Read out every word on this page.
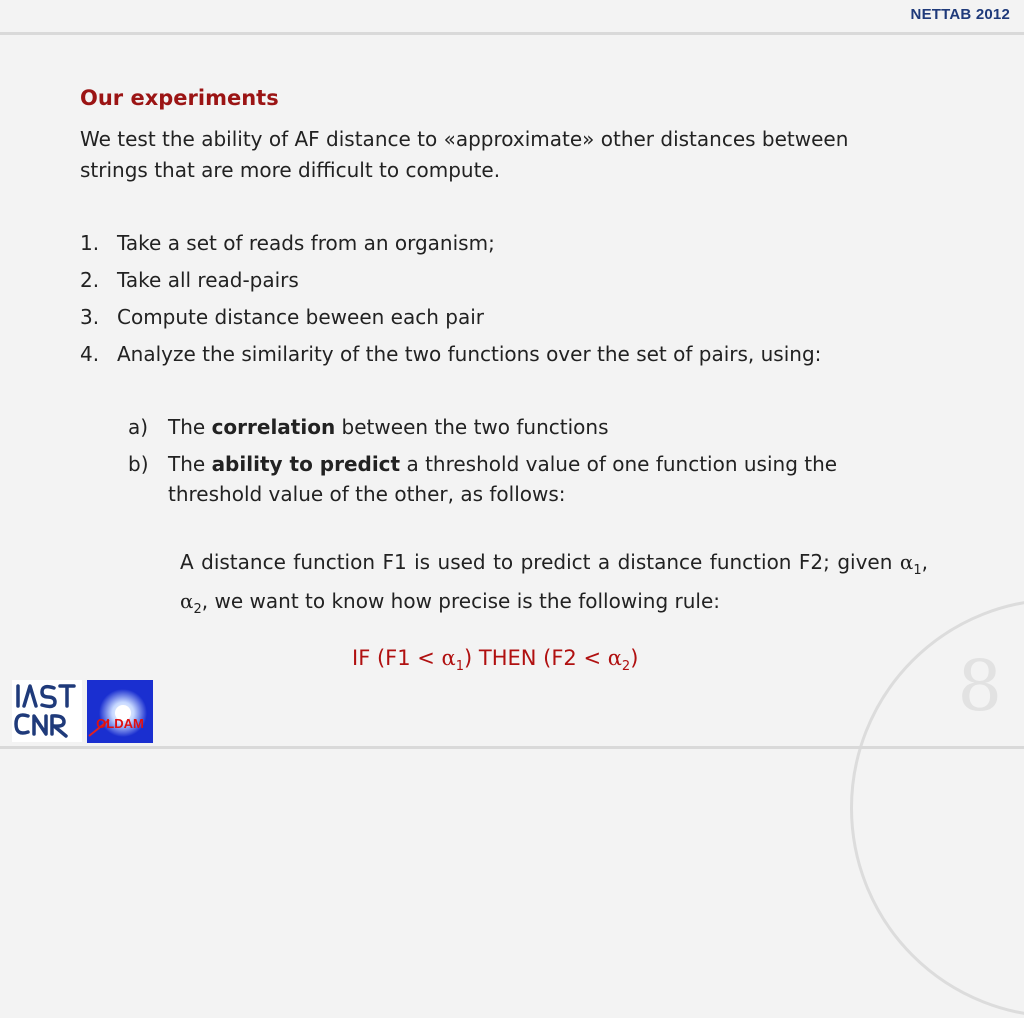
NETTAB 2012
8
Our experiments
We test the ability of AF distance to «approximate» other distances between strings that are more difficult to compute.
1. Take a set of reads from an organism;
2. Take all read-pairs
3. Compute distance beween each pair
4. Analyze the similarity of the two functions over the set of pairs, using:
a) The correlation between the two functions
b) The ability to predict a threshold value of one function using the threshold value of the other, as follows:
A distance function F1 is used to predict a distance function F2; given $\alpha_1$, $\alpha_2$, we want to know how precise is the following rule:
IF $(F1 < \alpha_1)$ THEN $(F2 < \alpha_2)$
OLDAM
